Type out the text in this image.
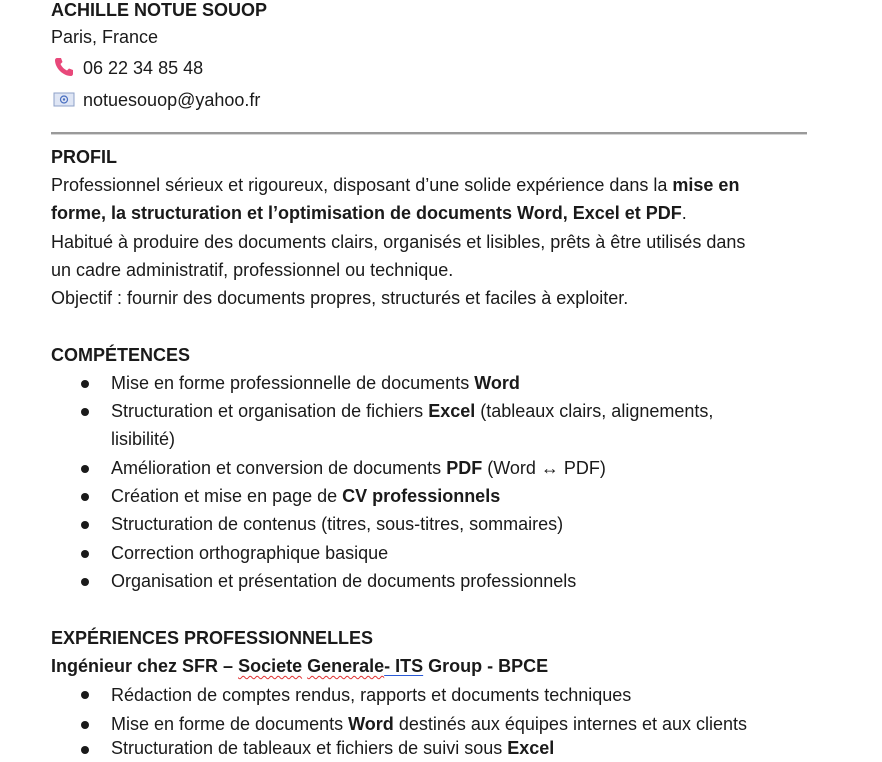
ACHILLE NOTUE SOUOP
Paris, France
06 22 34 85 48
notuesouop@yahoo.fr
PROFIL
Professionnel sérieux et rigoureux, disposant d’une solide expérience dans la mise en
forme, la structuration et l’optimisation de documents Word, Excel et PDF.
Habitué à produire des documents clairs, organisés et lisibles, prêts à être utilisés dans
un cadre administratif, professionnel ou technique.
Objectif : fournir des documents propres, structurés et faciles à exploiter.
COMPÉTENCES
Mise en forme professionnelle de documents Word
Structuration et organisation de fichiers Excel (tableaux clairs, alignements,
lisibilité)
Amélioration et conversion de documents PDF (Word ↔ PDF)
Création et mise en page de CV professionnels
Structuration de contenus (titres, sous-titres, sommaires)
Correction orthographique basique
Organisation et présentation de documents professionnels
EXPÉRIENCES PROFESSIONNELLES
Ingénieur chez SFR – Societe Generale- ITS Group - BPCE
Rédaction de comptes rendus, rapports et documents techniques
Mise en forme de documents Word destinés aux équipes internes et aux clients
Structuration de tableaux et fichiers de suivi sous Excel
